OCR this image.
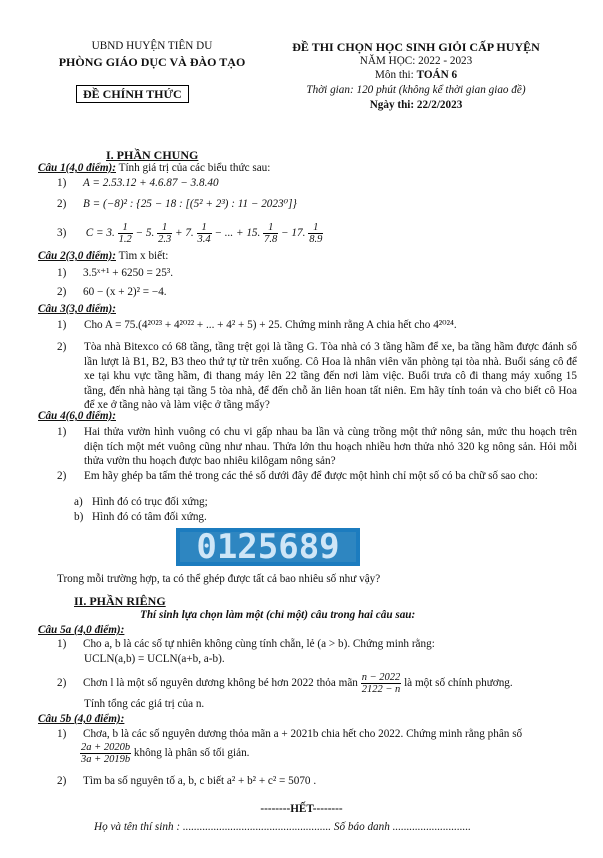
UBND HUYỆN TIÊN DU
PHÒNG GIÁO DỤC VÀ ĐÀO TẠO
ĐỀ CHÍNH THỨC
ĐỀ THI CHỌN HỌC SINH GIỎI CẤP HUYỆN
NĂM HỌC: 2022 - 2023
Môn thi: TOÁN 6
Thời gian: 120 phút (không kể thời gian giao đề)
Ngày thi: 22/2/2023
I. PHẦN CHUNG
Câu 1(4,0 điểm): Tính giá trị của các biểu thức sau:
1) A = 2.53.12 + 4.6.87 − 3.8.40
2) B = (−8)² : {25 − 18 : [(5² + 2³) : 11 − 2023⁰]}
3) C = 3. $\frac{1}{1.2} - 5$. $\frac{1}{2.3} + 7$. $\frac{1}{3.4}$ − ... + 15. $\frac{1}{7.8} - 17$. $\frac{1}{8.9}$
Câu 2(3,0 điểm): Tìm x biết:
1) 3.5ˣ⁺¹ + 6250 = 25³.
2) 60 − (x + 2)² = −4.
Câu 3(3,0 điểm):
1)	Cho A = 75.(4²⁰²³ + 4²⁰²² + ... + 4² + 5) + 25. Chứng minh rằng A chia hết cho 4²⁰²⁴.
2)	Tòa nhà Bitexco có 68 tầng, tầng trệt gọi là tầng G. Tòa nhà có 3 tầng hầm để xe, ba tầng hầm được đánh số lần lượt là B1, B2, B3 theo thứ tự từ trên xuống. Cô Hoa là nhân viên văn phòng tại tòa nhà. Buổi sáng cô để xe tại khu vực tầng hầm, đi thang máy lên 22 tầng đến nơi làm việc. Buổi trưa cô đi thang máy xuống 15 tầng, đến nhà hàng tại tầng 5 tòa nhà, để đến chỗ ăn liên hoan tất niên. Em hãy tính toán và cho biết cô Hoa để xe ở tầng nào và làm việc ở tầng mấy?
Câu 4(6,0 điểm):
1)	Hai thửa vườn hình vuông có chu vi gấp nhau ba lần và cùng trồng một thứ nông sản, mức thu hoạch trên diện tích một mét vuông cũng như nhau. Thửa lớn thu hoạch nhiều hơn thửa nhỏ 320 kg nông sản. Hỏi mỗi thửa vườn thu hoạch được bao nhiêu kilôgam nông sản?
2)	Em hãy ghép ba tấm thẻ trong các thẻ số dưới đây để được một hình chỉ một số có ba chữ số sao cho:
a) Hình đó có trục đối xứng;
b) Hình đó có tâm đối xứng.
0125689
Trong mỗi trường hợp, ta có thể ghép được tất cả bao nhiêu số như vậy?
II. PHẦN RIÊNG
Thí sinh lựa chọn làm một (chỉ một) câu trong hai câu sau:
Câu 5a (4,0 điểm):
1) Cho a, b là các số tự nhiên không cùng tính chẵn, lẻ (a > b). Chứng minh rằng:
UCLN(a,b) = UCLN(a+b, a-b).
2) Chơn l là một số nguyên dương không bé hơn 2022 thỏa mãn $\frac{n - 2022}{2122 - n}$ là một số chính phương.
Tính tổng các giá trị của n.
Câu 5b (4,0 điểm):
1) Chơa, b là các số nguyên dương thỏa mãn a + 2021b chia hết cho 2022. Chứng minh rằng phân số
$\frac{2a + 2020b}{3a + 2019b}$ không là phân số tối giản.
2) Tìm ba số nguyên tố a, b, c biết a² + b² + c² = 5070 .
--------HẾT--------
Họ và tên thí sinh : ..................................................... Số báo danh ............................
